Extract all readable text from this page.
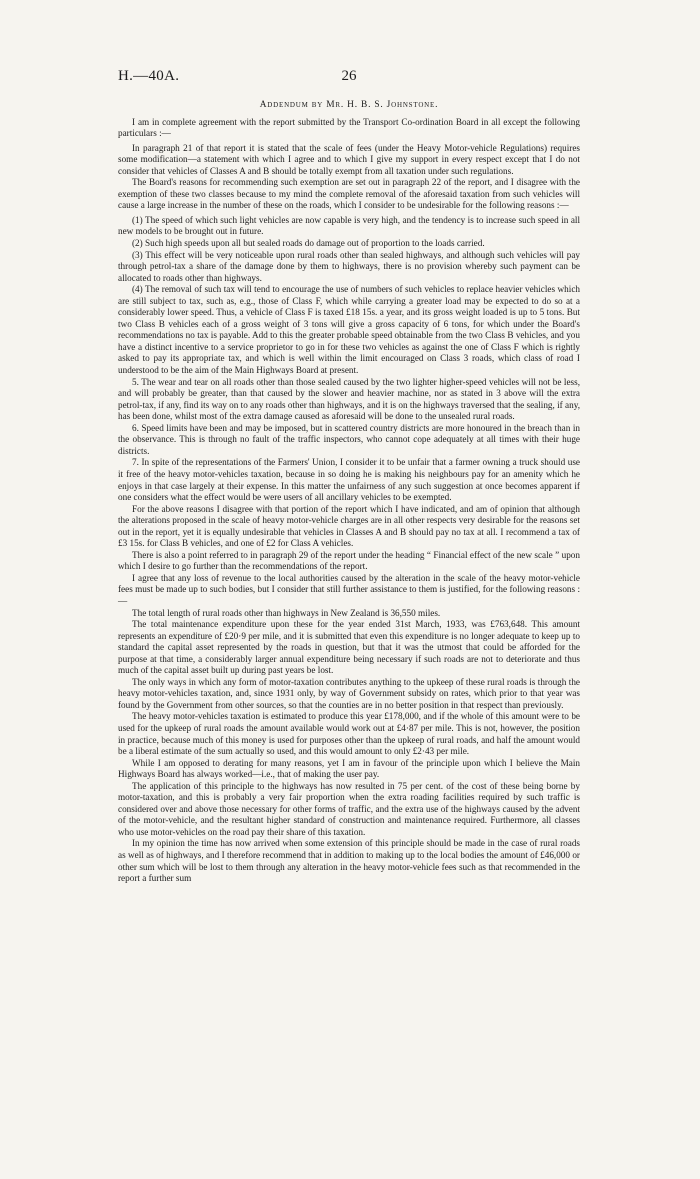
H.—40A.	26
Addendum by Mr. H. B. S. Johnstone.

I am in complete agreement with the report submitted by the Transport Co-ordination Board in all except the following particulars :—

In paragraph 21 of that report it is stated that the scale of fees (under the Heavy Motor-vehicle Regulations) requires some modification—a statement with which I agree and to which I give my support in every respect except that I do not consider that vehicles of Classes A and B should be totally exempt from all taxation under such regulations.

The Board's reasons for recommending such exemption are set out in paragraph 22 of the report, and I disagree with the exemption of these two classes because to my mind the complete removal of the aforesaid taxation from such vehicles will cause a large increase in the number of these on the roads, which I consider to be undesirable for the following reasons :—

(1) The speed of which such light vehicles are now capable is very high, and the tendency is to increase such speed in all new models to be brought out in future.

(2) Such high speeds upon all but sealed roads do damage out of proportion to the loads carried.

(3) This effect will be very noticeable upon rural roads other than sealed highways, and although such vehicles will pay through petrol-tax a share of the damage done by them to highways, there is no provision whereby such payment can be allocated to roads other than highways.

(4) The removal of such tax will tend to encourage the use of numbers of such vehicles to replace heavier vehicles which are still subject to tax, such as, e.g., those of Class F, which while carrying a greater load may be expected to do so at a considerably lower speed. Thus, a vehicle of Class F is taxed £18 15s. a year, and its gross weight loaded is up to 5 tons. But two Class B vehicles each of a gross weight of 3 tons will give a gross capacity of 6 tons, for which under the Board's recommendations no tax is payable. Add to this the greater probable speed obtainable from the two Class B vehicles, and you have a distinct incentive to a service proprietor to go in for these two vehicles as against the one of Class F which is rightly asked to pay its appropriate tax, and which is well within the limit encouraged on Class 3 roads, which class of road I understood to be the aim of the Main Highways Board at present.

5. The wear and tear on all roads other than those sealed caused by the two lighter higher-speed vehicles will not be less, and will probably be greater, than that caused by the slower and heavier machine, nor as stated in 3 above will the extra petrol-tax, if any, find its way on to any roads other than highways, and it is on the highways traversed that the sealing, if any, has been done, whilst most of the extra damage caused as aforesaid will be done to the unsealed rural roads.

6. Speed limits have been and may be imposed, but in scattered country districts are more honoured in the breach than in the observance. This is through no fault of the traffic inspectors, who cannot cope adequately at all times with their huge districts.

7. In spite of the representations of the Farmers' Union, I consider it to be unfair that a farmer owning a truck should use it free of the heavy motor-vehicles taxation, because in so doing he is making his neighbours pay for an amenity which he enjoys in that case largely at their expense. In this matter the unfairness of any such suggestion at once becomes apparent if one considers what the effect would be were users of all ancillary vehicles to be exempted.

For the above reasons I disagree with that portion of the report which I have indicated, and am of opinion that although the alterations proposed in the scale of heavy motor-vehicle charges are in all other respects very desirable for the reasons set out in the report, yet it is equally undesirable that vehicles in Classes A and B should pay no tax at all. I recommend a tax of £3 15s. for Class B vehicles, and one of £2 for Class A vehicles.

There is also a point referred to in paragraph 29 of the report under the heading “ Financial effect of the new scale ” upon which I desire to go further than the recommendations of the report.

I agree that any loss of revenue to the local authorities caused by the alteration in the scale of the heavy motor-vehicle fees must be made up to such bodies, but I consider that still further assistance to them is justified, for the following reasons :—

The total length of rural roads other than highways in New Zealand is 36,550 miles.

The total maintenance expenditure upon these for the year ended 31st March, 1933, was £763,648. This amount represents an expenditure of £20·9 per mile, and it is submitted that even this expenditure is no longer adequate to keep up to standard the capital asset represented by the roads in question, but that it was the utmost that could be afforded for the purpose at that time, a considerably larger annual expenditure being necessary if such roads are not to deteriorate and thus much of the capital asset built up during past years be lost.

The only ways in which any form of motor-taxation contributes anything to the upkeep of these rural roads is through the heavy motor-vehicles taxation, and, since 1931 only, by way of Government subsidy on rates, which prior to that year was found by the Government from other sources, so that the counties are in no better position in that respect than previously.

The heavy motor-vehicles taxation is estimated to produce this year £178,000, and if the whole of this amount were to be used for the upkeep of rural roads the amount available would work out at £4·87 per mile. This is not, however, the position in practice, because much of this money is used for purposes other than the upkeep of rural roads, and half the amount would be a liberal estimate of the sum actually so used, and this would amount to only £2·43 per mile.

While I am opposed to derating for many reasons, yet I am in favour of the principle upon which I believe the Main Highways Board has always worked—i.e., that of making the user pay.

The application of this principle to the highways has now resulted in 75 per cent. of the cost of these being borne by motor-taxation, and this is probably a very fair proportion when the extra roading facilities required by such traffic is considered over and above those necessary for other forms of traffic, and the extra use of the highways caused by the advent of the motor-vehicle, and the resultant higher standard of construction and maintenance required. Furthermore, all classes who use motor-vehicles on the road pay their share of this taxation.

In my opinion the time has now arrived when some extension of this principle should be made in the case of rural roads as well as of highways, and I therefore recommend that in addition to making up to the local bodies the amount of £46,000 or other sum which will be lost to them through any alteration in the heavy motor-vehicle fees such as that recommended in the report a further sum
